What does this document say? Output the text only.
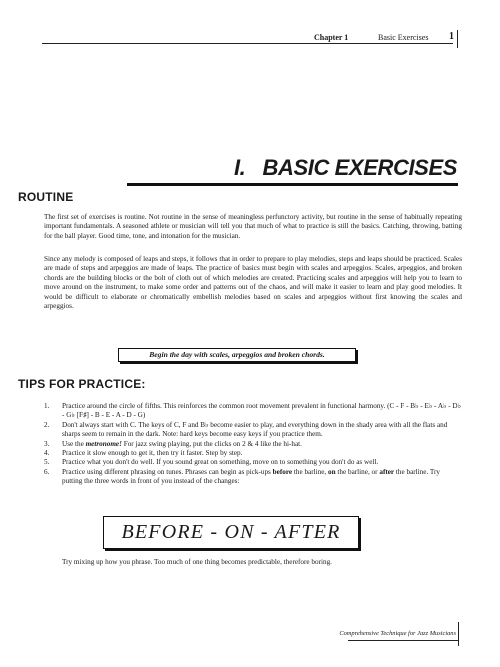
Chapter 1	Basic Exercises 1
I.   BASIC EXERCISES
ROUTINE

The first set of exercises is routine. Not routine in the sense of meaningless perfunctory activity, but routine in the sense of habitually repeating important fundamentals. A seasoned athlete or musician will tell you that much of what to practice is still the basics. Catching, throwing, batting for the ball player. Good time, tone, and intonation for the musician.

Since any melody is composed of leaps and steps, it follows that in order to prepare to play melodies, steps and leaps should be practiced. Scales are made of steps and arpeggios are made of leaps. The practice of basics must begin with scales and arpeggios. Scales, arpeggios, and broken chords are the building blocks or the bolt of cloth out of which melodies are created. Practicing scales and arpeggios will help you to learn to move around on the instrument, to make some order and patterns out of the chaos, and will make it easier to learn and play good melodies. It would be difficult to elaborate or chromatically embellish melodies based on scales and arpeggios without first knowing the scales and arpeggios.

Begin the day with scales, arpeggios and broken chords.
TIPS FOR PRACTICE:
1. Practice around the circle of fifths. This reinforces the common root movement prevalent in functional harmony. (C - F - B♭ - E♭ - A♭ - D♭ - G♭ [F♯] - B - E - A - D - G)
2. Don't always start with C. The keys of C, F and B♭ become easier to play, and everything down in the shady area with all the flats and sharps seem to remain in the dark. Note: hard keys become easy keys if you practice them.
3. Use the metronome! For jazz swing playing, put the clicks on 2 & 4 like the hi-hat.
4. Practice it slow enough to get it, then try it faster. Step by step.
5. Practice what you don't do well. If you sound great on something, move on to something you don't do as well.
6. Practice using different phrasing on tunes. Phrases can begin as pick-ups before the barline, on the barline, or after the barline. Try putting the three words in front of you instead of the changes:
BEFORE - ON - AFTER

Try mixing up how you phrase. Too much of one thing becomes predictable, therefore boring.

Comprehensive Technique for Jazz Musicians
